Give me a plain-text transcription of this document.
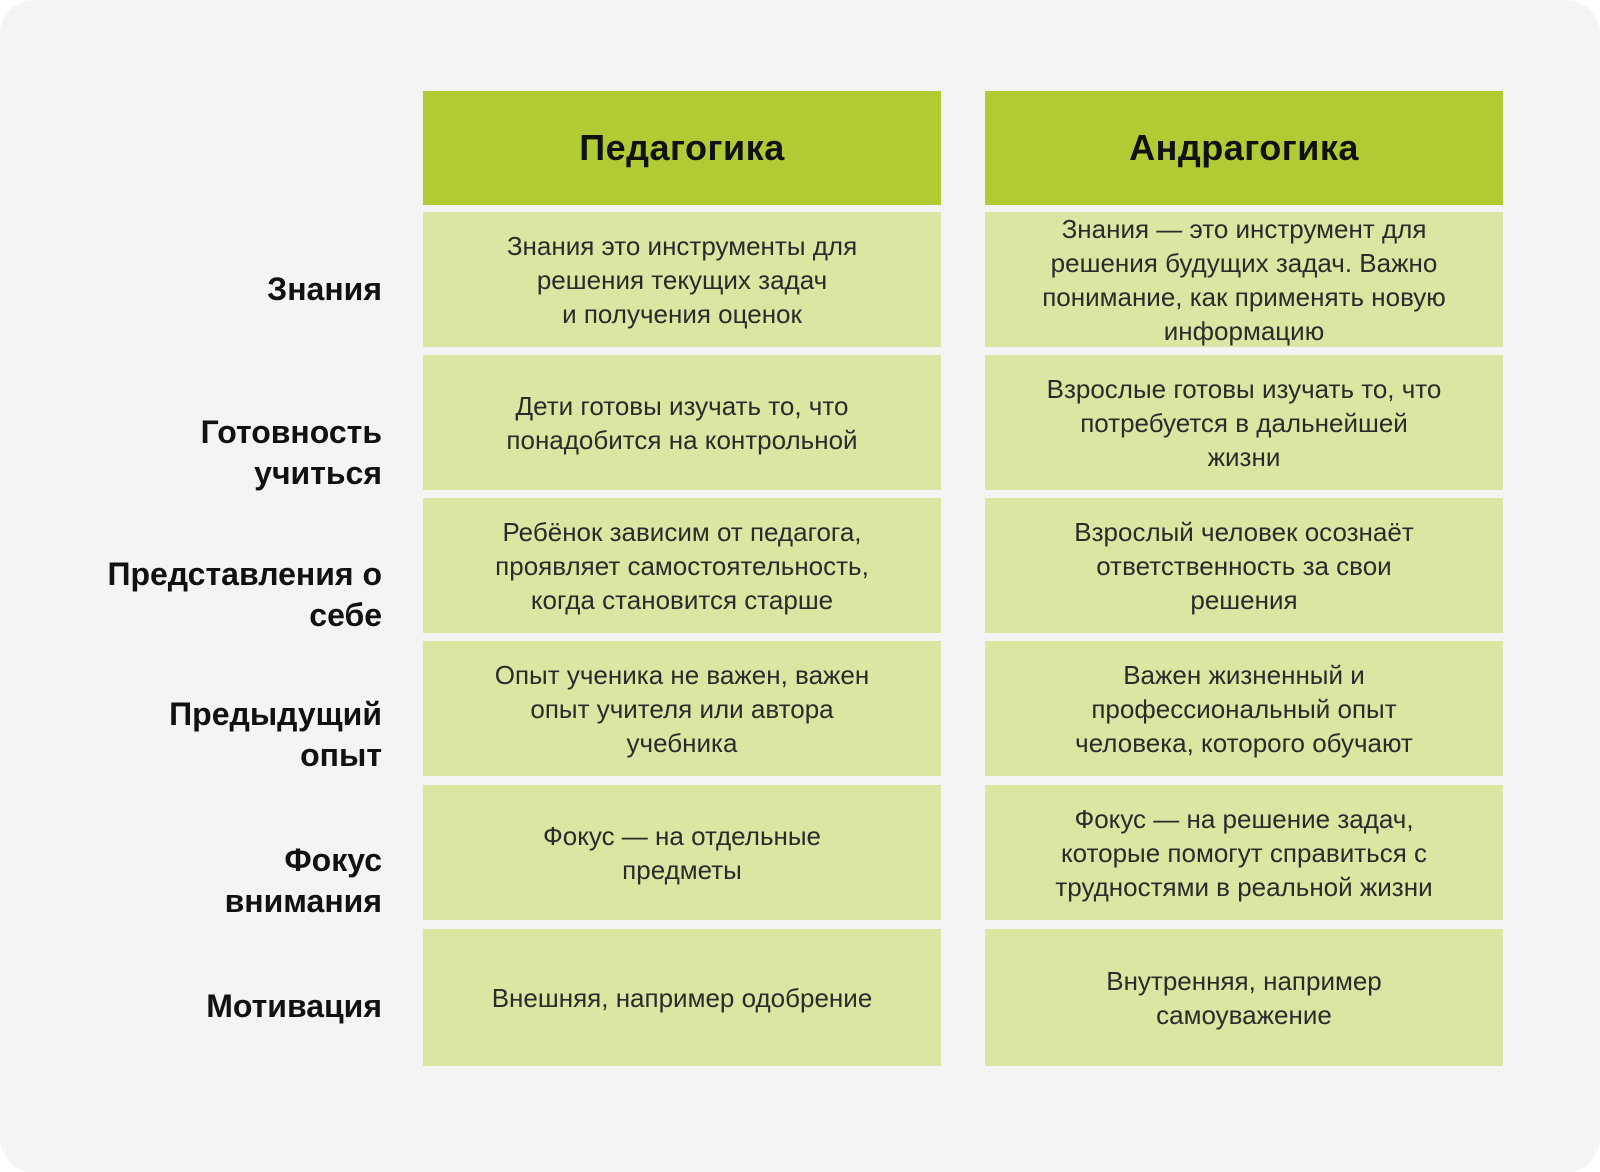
Знания
Готовность
учиться
Представления о
себе
Предыдущий
опыт
Фокус
внимания
Мотивация
Педагогика
Знания это инструменты для
решения текущих задач
и получения оценок
Дети готовы изучать то, что
понадобится на контрольной
Ребёнок зависим от педагога,
проявляет самостоятельность,
когда становится старше
Опыт ученика не важен, важен
опыт учителя или автора
учебника
Фокус — на отдельные
предметы
Внешняя, например одобрение
Андрагогика
Знания — это инструмент для
решения будущих задач. Важно
понимание, как применять новую
информацию
Взрослые готовы изучать то, что
потребуется в дальнейшей
жизни
Взрослый человек осознаёт
ответственность за свои
решения
Важен жизненный и
профессиональный опыт
человека, которого обучают
Фокус — на решение задач,
которые помогут справиться с
трудностями в реальной жизни
Внутренняя, например
самоуважение
